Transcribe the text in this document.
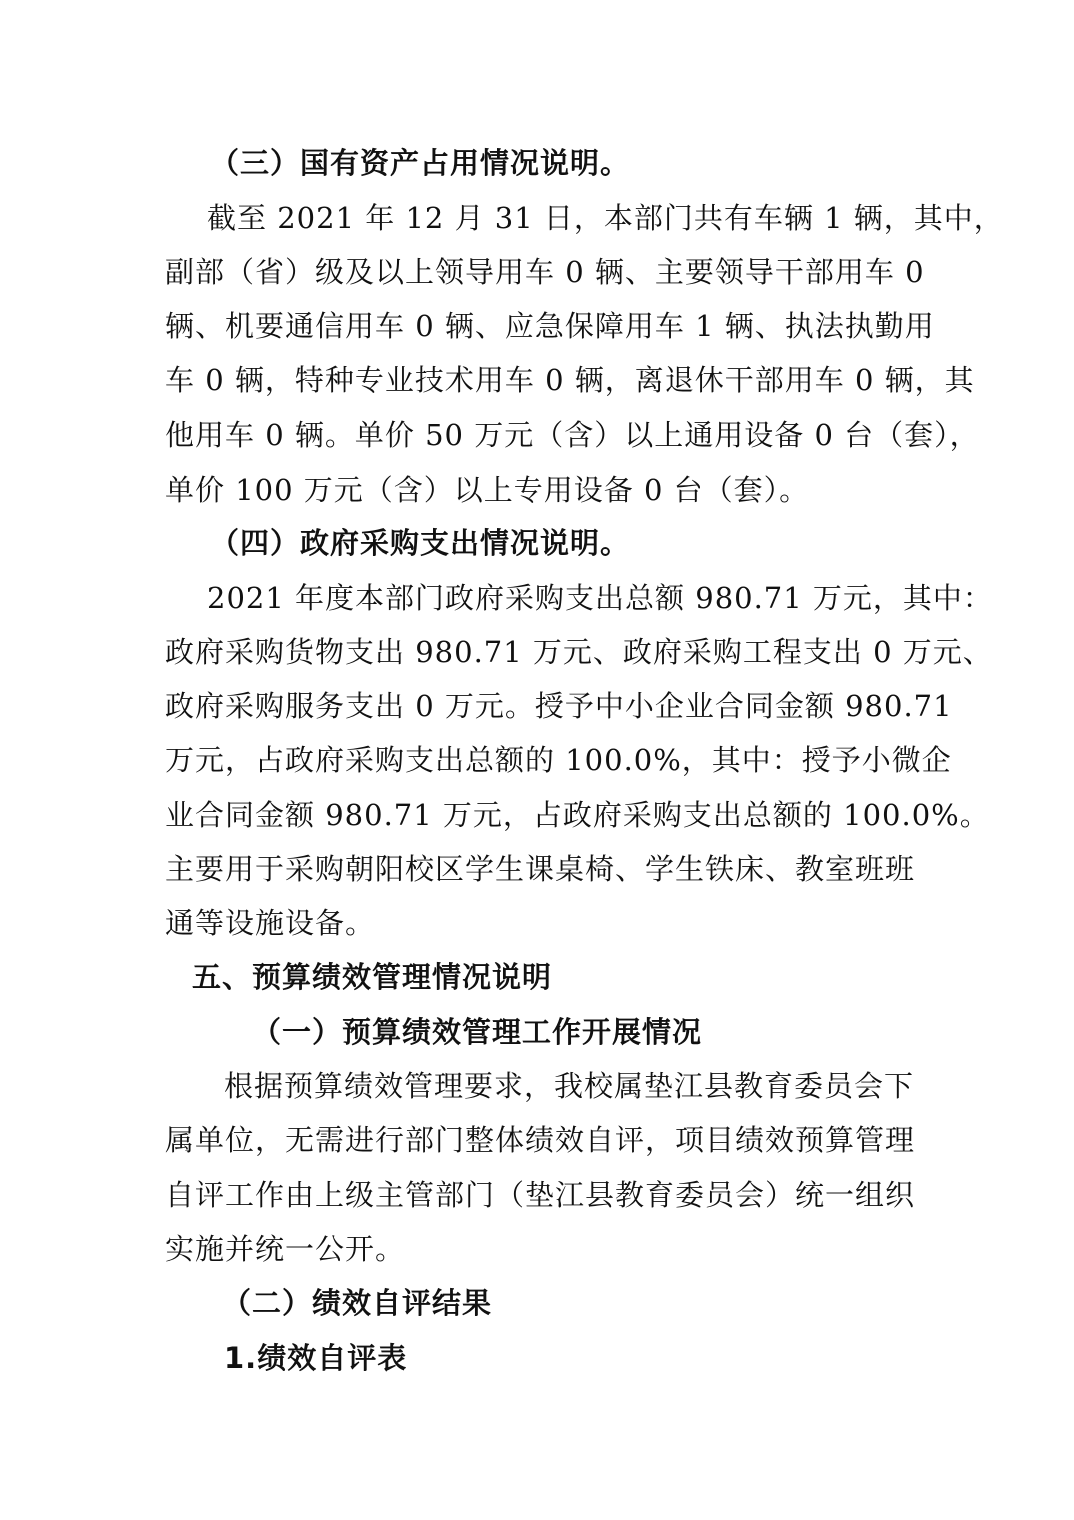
（三）国有资产占用情况说明。
截至 2021 年 12 月 31 日，本部门共有车辆 1 辆，其中，
副部（省）级及以上领导用车 0 辆、主要领导干部用车 0
辆、机要通信用车 0 辆、应急保障用车 1 辆、执法执勤用
车 0 辆，特种专业技术用车 0 辆，离退休干部用车 0 辆，其
他用车 0 辆。单价 50 万元（含）以上通用设备 0 台（套），
单价 100 万元（含）以上专用设备 0 台（套）。
（四）政府采购支出情况说明。
2021 年度本部门政府采购支出总额 980.71 万元，其中：
政府采购货物支出 980.71 万元、政府采购工程支出 0 万元、
政府采购服务支出 0 万元。授予中小企业合同金额 980.71
万元，占政府采购支出总额的 100.0%，其中：授予小微企
业合同金额 980.71 万元，占政府采购支出总额的 100.0%。
主要用于采购朝阳校区学生课桌椅、学生铁床、教室班班
通等设施设备。
五、预算绩效管理情况说明
（一）预算绩效管理工作开展情况
根据预算绩效管理要求，我校属垫江县教育委员会下
属单位，无需进行部门整体绩效自评，项目绩效预算管理
自评工作由上级主管部门（垫江县教育委员会）统一组织
实施并统一公开。
（二）绩效自评结果
1.绩效自评表
